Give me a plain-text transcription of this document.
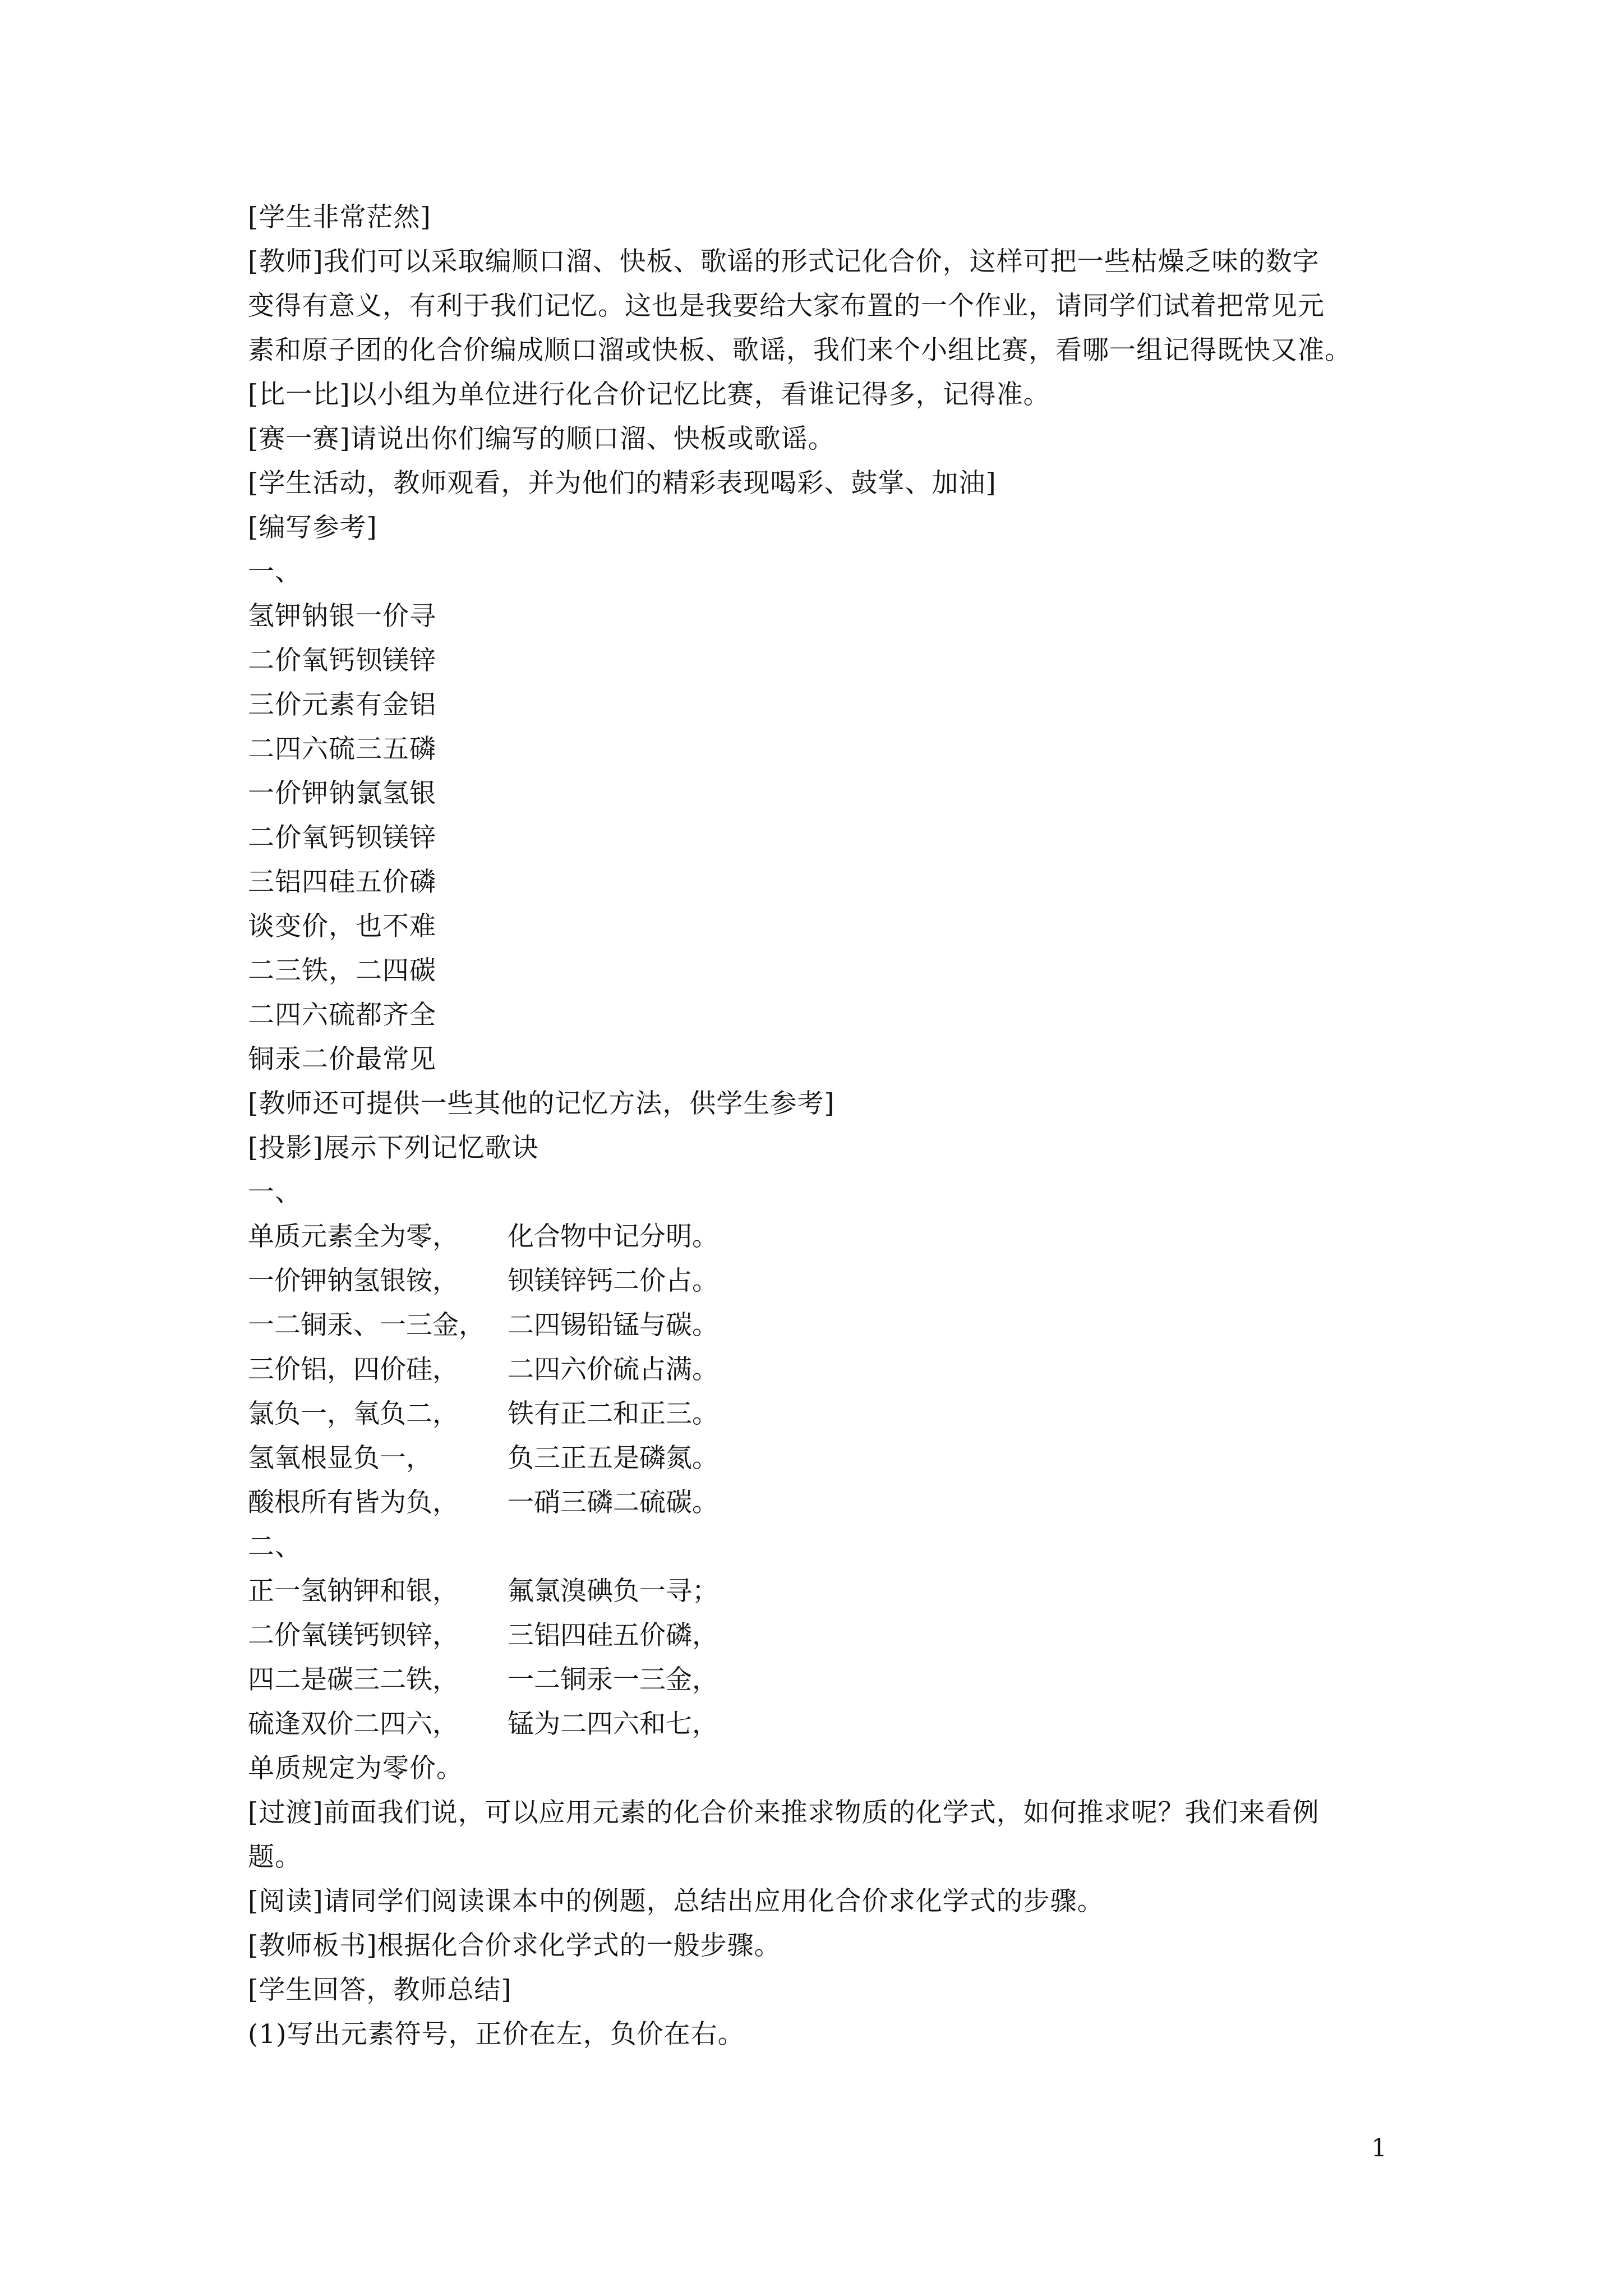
[学生非常茫然]
[教师]我们可以采取编顺口溜、快板、歌谣的形式记化合价，这样可把一些枯燥乏味的数字
变得有意义，有利于我们记忆。这也是我要给大家布置的一个作业，请同学们试着把常见元
素和原子团的化合价编成顺口溜或快板、歌谣，我们来个小组比赛，看哪一组记得既快又准。
[比一比]以小组为单位进行化合价记忆比赛，看谁记得多，记得准。
[赛一赛]请说出你们编写的顺口溜、快板或歌谣。
[学生活动，教师观看，并为他们的精彩表现喝彩、鼓掌、加油]
[编写参考]
一、
氢钾钠银一价寻
二价氧钙钡镁锌
三价元素有金铝
二四六硫三五磷
一价钾钠氯氢银
二价氧钙钡镁锌
三铝四硅五价磷
谈变价，也不难
二三铁，二四碳
二四六硫都齐全
铜汞二价最常见
[教师还可提供一些其他的记忆方法，供学生参考]
[投影]展示下列记忆歌诀
一、
单质元素全为零， 化合物中记分明。
一价钾钠氢银铵， 钡镁锌钙二价占。
一二铜汞、一三金， 二四锡铅锰与碳。
三价铝，四价硅， 二四六价硫占满。
氯负一，氧负二， 铁有正二和正三。
氢氧根显负一，	负三正五是磷氮。
酸根所有皆为负， 一硝三磷二硫碳。
二、
正一氢钠钾和银， 氟氯溴碘负一寻；
二价氧镁钙钡锌， 三铝四硅五价磷，
四二是碳三二铁， 一二铜汞一三金，
硫逢双价二四六， 锰为二四六和七，
单质规定为零价。
[过渡]前面我们说，可以应用元素的化合价来推求物质的化学式，如何推求呢？我们来看例
题。
[阅读]请同学们阅读课本中的例题，总结出应用化合价求化学式的步骤。
[教师板书]根据化合价求化学式的一般步骤。
[学生回答，教师总结]
(1)写出元素符号，正价在左，负价在右。
1
